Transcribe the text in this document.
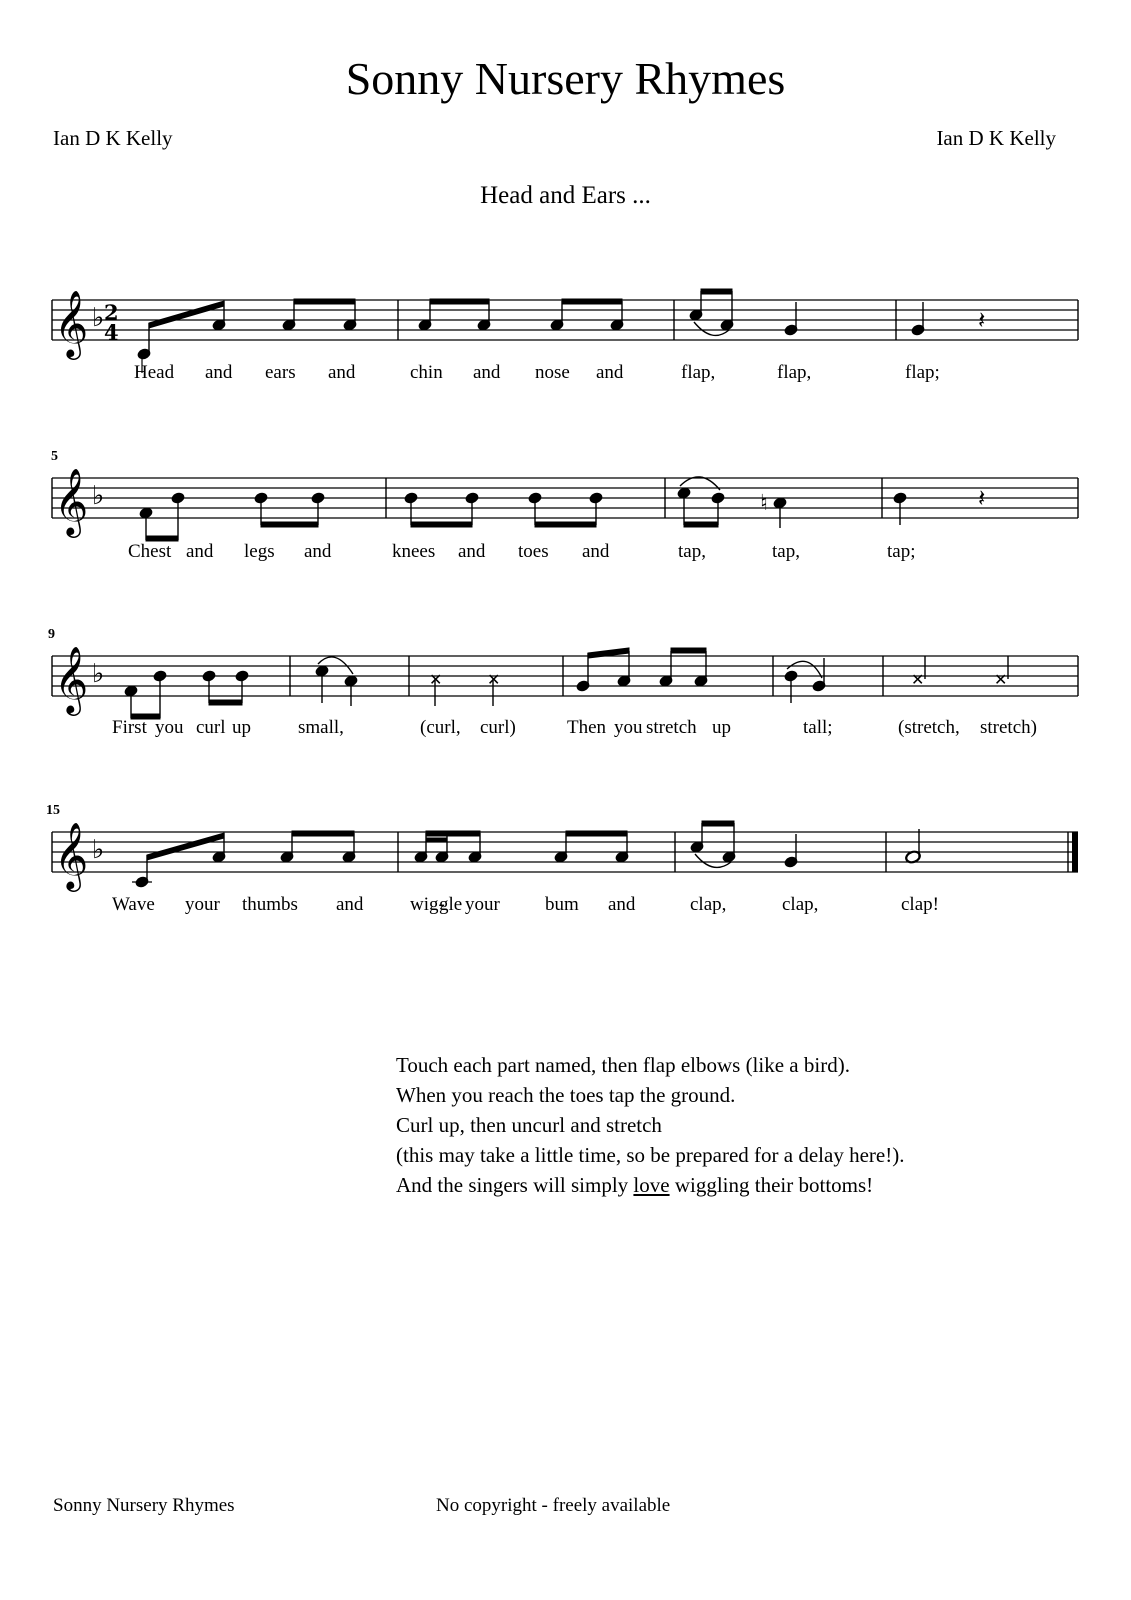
Sonny Nursery Rhymes
Ian D K Kelly	Ian D K Kelly
Head and Ears ...
𝄞 ♭ 2
4	𝄽
Head and ears and	chin and nose and	flap,	flap,	flap;
5
𝄞 ♭	♮	𝄽
Chest and legs and	knees and toes and	tap,	tap,	tap;
9
𝄞 ♭	✕	✕	✕	✕
First you curl up small,	(curl, curl)	Then you stretch up	tall;	(stretch, stretch)
15
𝄞 ♭
Wave your thumbs and wig-
gle your bum and	clap,	clap,	clap!
Touch each part named, then flap elbows (like a bird).
When you reach the toes tap the ground.
Curl up, then uncurl and stretch
(this may take a little time, so be prepared for a delay here!).
And the singers will simply love wiggling their bottoms!
Sonny Nursery Rhymes	No copyright - freely available
